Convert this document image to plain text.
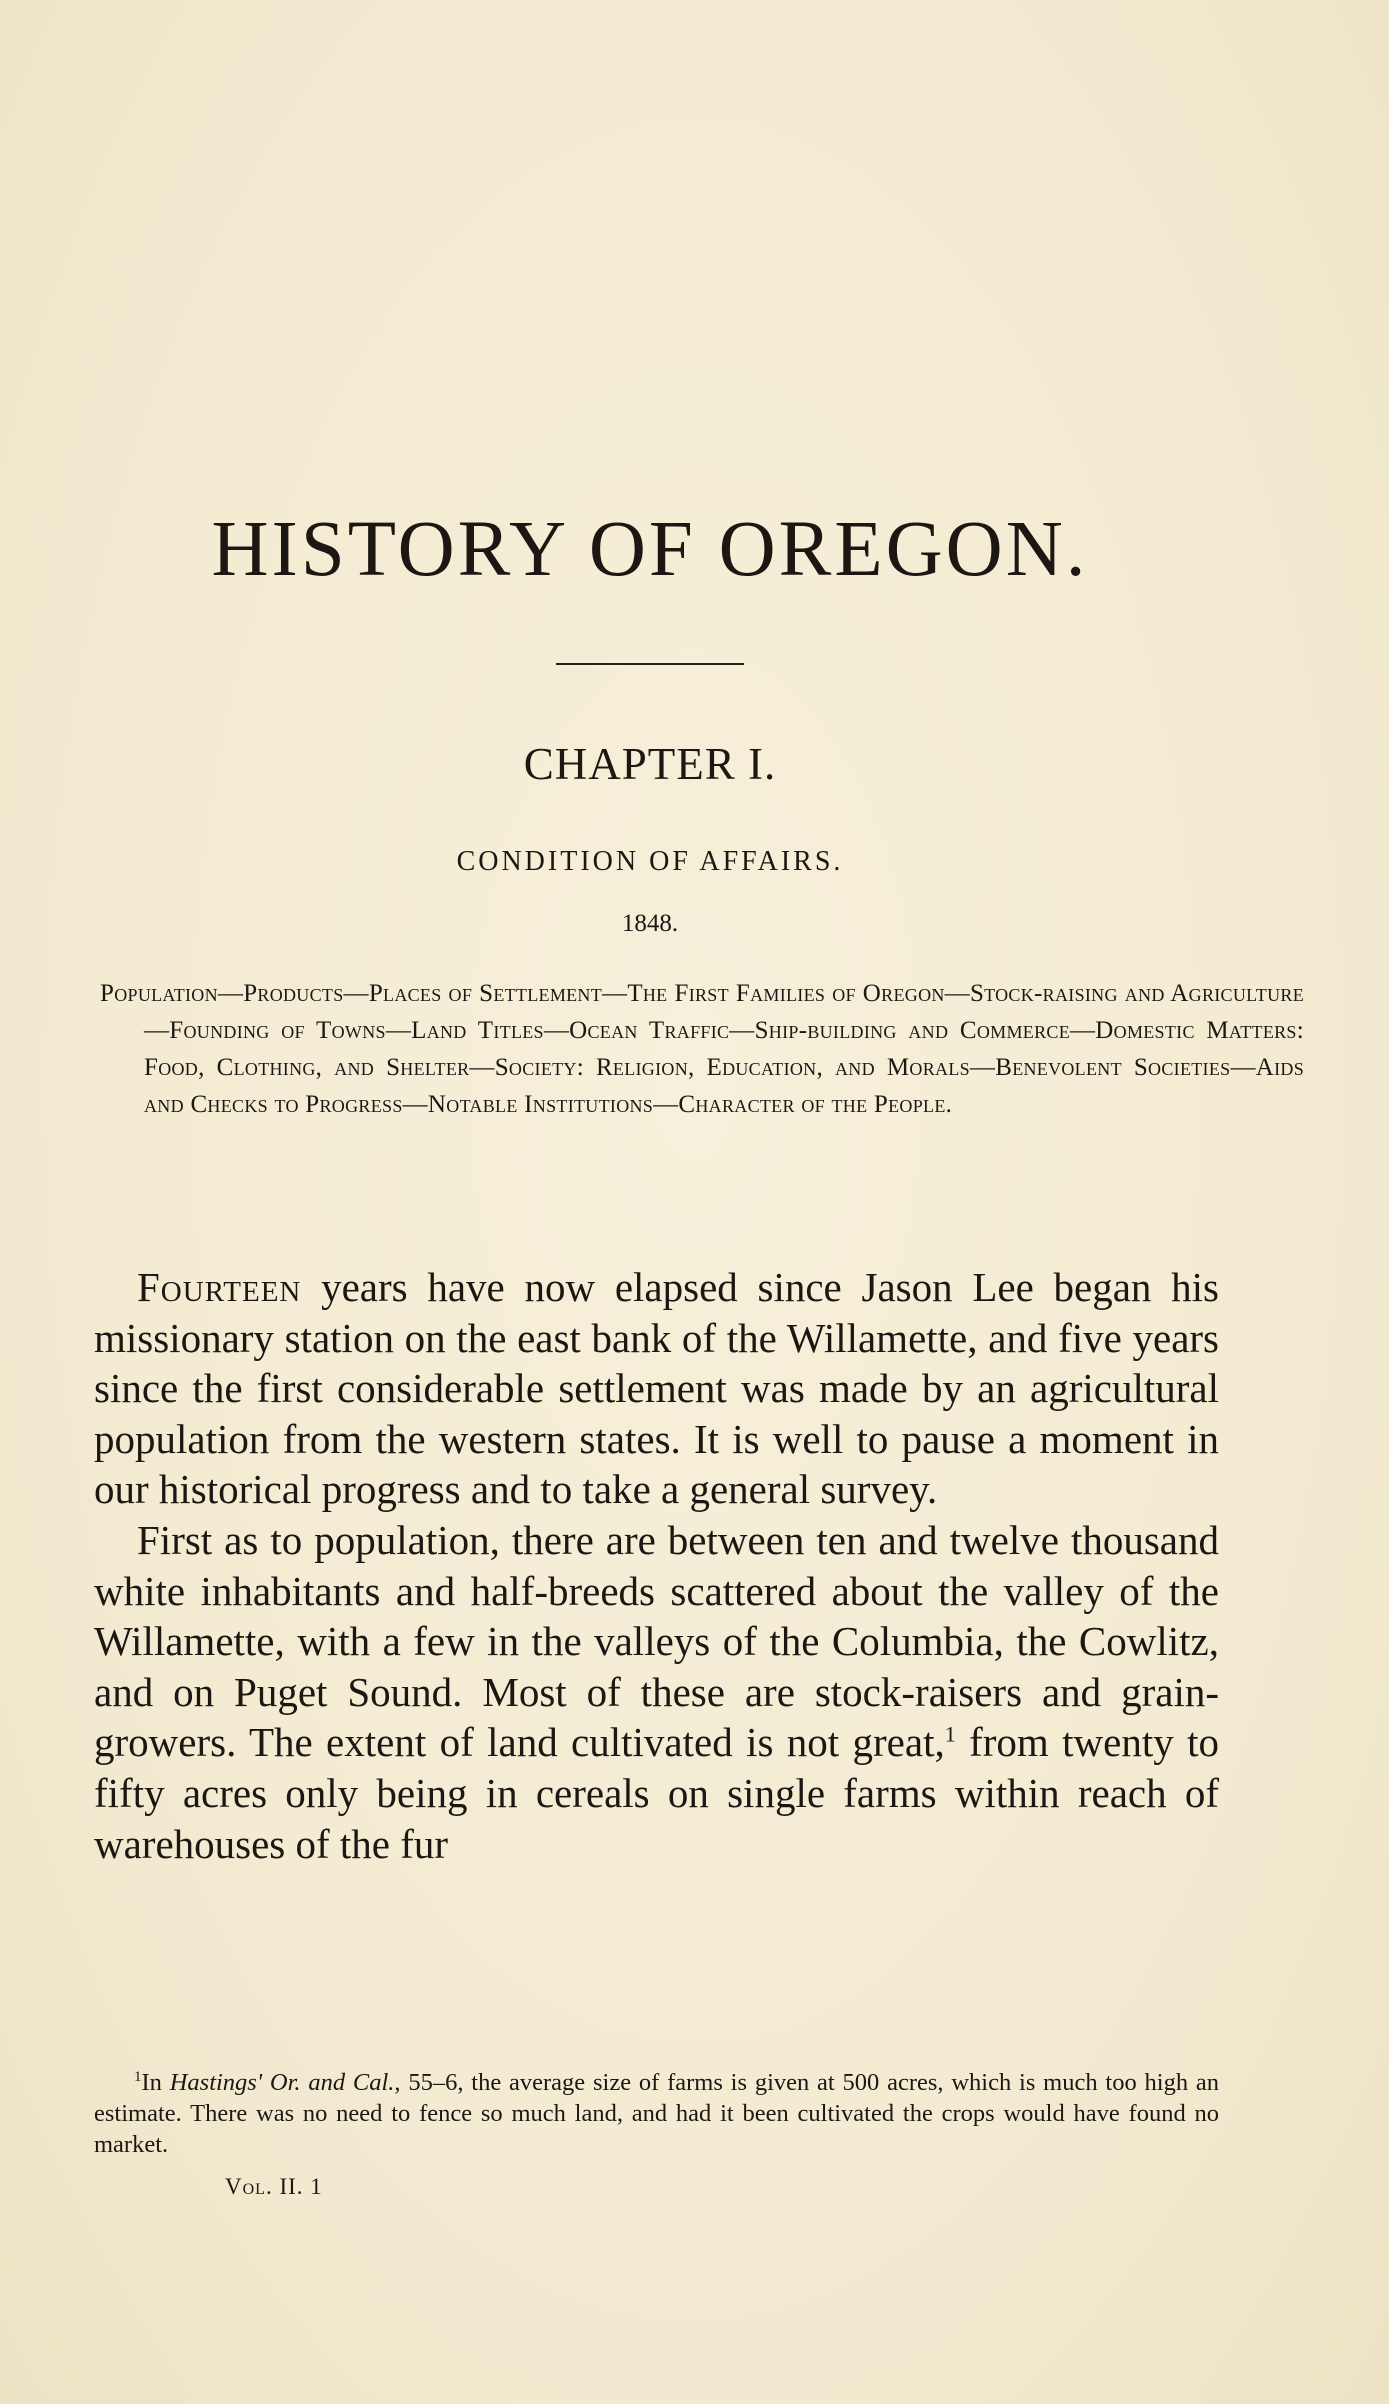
HISTORY OF OREGON.
CHAPTER I.
CONDITION OF AFFAIRS.
1848.
Population—Products—Places of Settlement—The First Families of Oregon—Stock-raising and Agriculture—Founding of Towns—Land Titles—Ocean Traffic—Ship-building and Commerce—Domestic Matters: Food, Clothing, and Shelter—Society: Religion, Education, and Morals—Benevolent Societies—Aids and Checks to Progress—Notable Institutions—Character of the People.

Fourteen years have now elapsed since Jason Lee began his missionary station on the east bank of the Willamette, and five years since the first considerable settlement was made by an agricultural population from the western states. It is well to pause a moment in our historical progress and to take a general survey.

First as to population, there are between ten and twelve thousand white inhabitants and half-breeds scattered about the valley of the Willamette, with a few in the valleys of the Columbia, the Cowlitz, and on Puget Sound. Most of these are stock-raisers and grain-growers. The extent of land cultivated is not great,$^1$ from twenty to fifty acres only being in cereals on single farms within reach of warehouses of the fur

$^1$In Hastings' Or. and Cal., 55–6, the average size of farms is given at 500 acres, which is much too high an estimate. There was no need to fence so much land, and had it been cultivated the crops would have found no market.

Vol. II. 1
